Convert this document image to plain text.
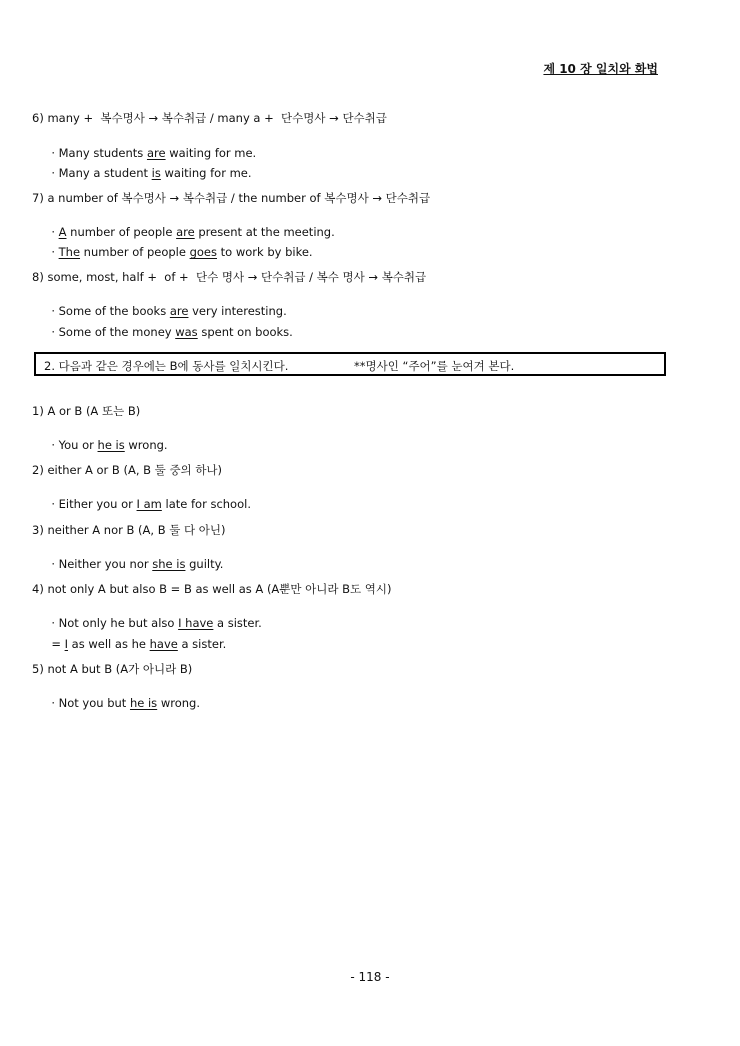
제 10 장 일치와 화법
6) many +  복수명사 → 복수취급 / many a +  단수명사 → 단수취급

· Many students are waiting for me.

· Many a student is waiting for me.

7) a number of 복수명사 → 복수취급 / the number of 복수명사 → 단수취급

· A number of people are present at the meeting.

· The number of people goes to work by bike.

8) some, most, half +  of +  단수 명사 → 단수취급 / 복수 명사 → 복수취급

· Some of the books are very interesting.

· Some of the money was spent on books.

2. 다음과 같은 경우에는 B에 동사를 일치시킨다.	**명사인 “주어”를 눈여겨 본다.
1) A or B (A 또는 B)

· You or he is wrong.

2) either A or B (A, B 둘 중의 하나)

· Either you or I am late for school.

3) neither A nor B (A, B 둘 다 아닌)

· Neither you nor she is guilty.

4) not only A but also B = B as well as A (A뿐만 아니라 B도 역시)

· Not only he but also I have a sister.

= I as well as he have a sister.

5) not A but B (A가 아니라 B)

· Not you but he is wrong.

- 118 -
